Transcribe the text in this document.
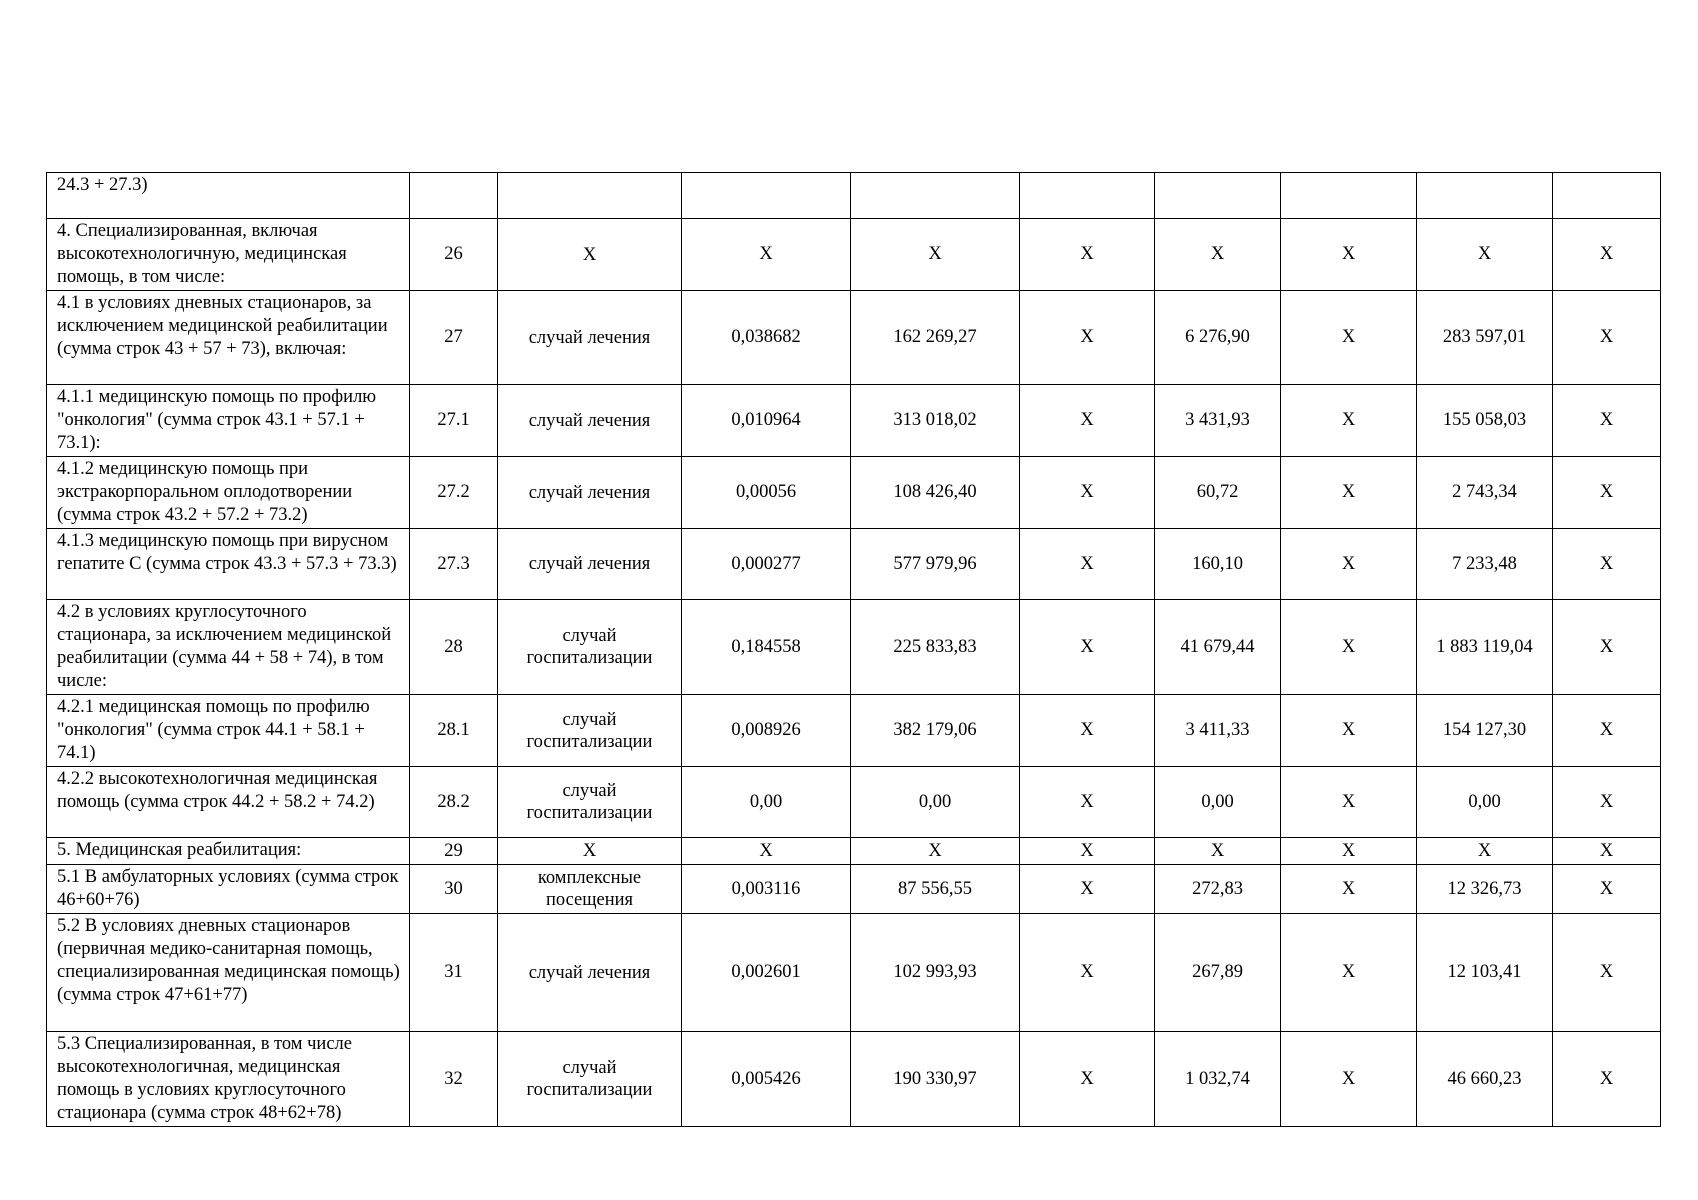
24.3 + 27.3)									
4. Специализированная, включая высокотехнологичную, медицинская помощь, в том числе:	26	X	X	X	X	X	X	X	X
4.1 в условиях дневных стационаров, за исключением медицинской реабилитации (сумма строк 43 + 57 + 73), включая:	27	случай лечения	0,038682	162 269,27	X	6 276,90	X	283 597,01	X
4.1.1 медицинскую помощь по профилю "онкология" (сумма строк 43.1 + 57.1 + 73.1):	27.1	случай лечения	0,010964	313 018,02	X	3 431,93	X	155 058,03	X
4.1.2 медицинскую помощь при экстракорпоральном оплодотворении (сумма строк 43.2 + 57.2 + 73.2)	27.2	случай лечения	0,00056	108 426,40	X	60,72	X	2 743,34	X
4.1.3 медицинскую помощь при вирусном гепатите С (сумма строк 43.3 + 57.3 + 73.3)	27.3	случай лечения	0,000277	577 979,96	X	160,10	X	7 233,48	X
4.2 в условиях круглосуточного стационара, за исключением медицинской реабилитации (сумма 44 + 58 + 74), в том числе:	28	случай госпитализации	0,184558	225 833,83	X	41 679,44	X	1 883 119,04	X
4.2.1 медицинская помощь по профилю "онкология" (сумма строк 44.1 + 58.1 + 74.1)	28.1	случай госпитализации	0,008926	382 179,06	X	3 411,33	X	154 127,30	X
4.2.2 высокотехнологичная медицинская помощь (сумма строк 44.2 + 58.2 + 74.2)	28.2	случай госпитализации	0,00	0,00	X	0,00	X	0,00	X
5. Медицинская реабилитация:	29	X	X	X	X	X	X	X	X
5.1 В амбулаторных условиях (сумма строк 46+60+76)	30	комплексные посещения	0,003116	87 556,55	X	272,83	X	12 326,73	X
5.2 В условиях дневных стационаров (первичная медико-санитарная помощь, специализированная медицинская помощь) (сумма строк 47+61+77)	31	случай лечения	0,002601	102 993,93	X	267,89	X	12 103,41	X
5.3 Специализированная, в том числе высокотехнологичная, медицинская помощь в условиях круглосуточного стационара (сумма строк 48+62+78)	32	случай госпитализации	0,005426	190 330,97	X	1 032,74	X	46 660,23	X
